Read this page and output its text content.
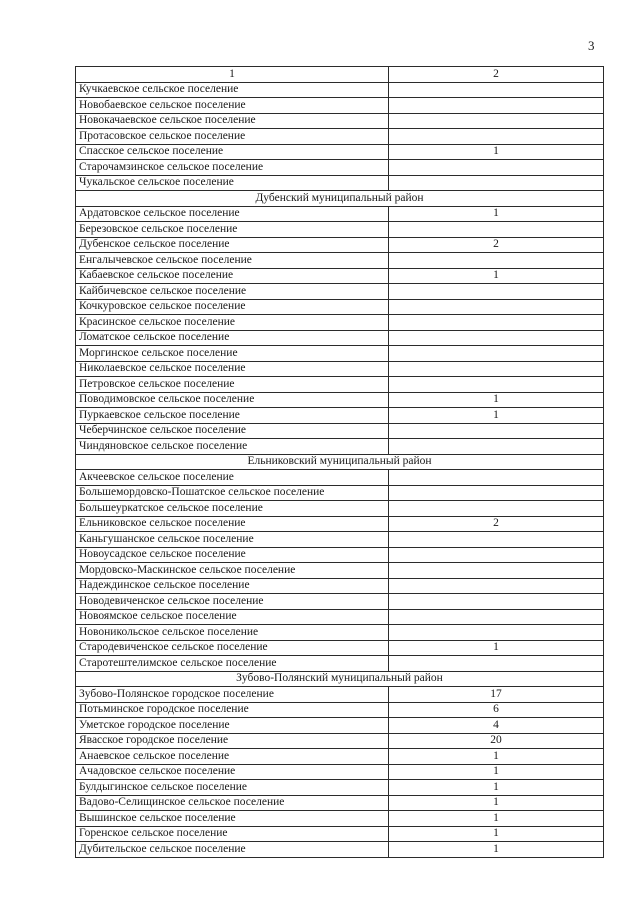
3
1	2
Кучкаевское сельское поселение	
Новобаевское сельское поселение	
Новокачаевское сельское поселение	
Протасовское сельское поселение	
Спасское сельское поселение	1
Старочамзинское сельское поселение	
Чукальское сельское поселение	
Дубенский муниципальный район	
Ардатовское сельское поселение	1
Березовское сельское поселение	
Дубенское сельское поселение	2
Енгалычевское сельское поселение	
Кабаевское сельское поселение	1
Кайбичевское сельское поселение	
Кочкуровское сельское поселение	
Красинское сельское поселение	
Ломатское сельское поселение	
Моргинское сельское поселение	
Николаевское сельское поселение	
Петровское сельское поселение	
Поводимовское сельское поселение	1
Пуркаевское сельское поселение	1
Чеберчинское сельское поселение	
Чиндяновское сельское поселение	
Ельниковский муниципальный район	
Акчеевское сельское поселение	
Большемордовско-Пошатское сельское поселение	
Большеуркатское сельское поселение	
Ельниковское сельское поселение	2
Каньгушанское сельское поселение	
Новоусадское сельское поселение	
Мордовско-Маскинское сельское поселение	
Надеждинское сельское поселение	
Новодевиченское сельское поселение	
Новоямское сельское поселение	
Новоникольское сельское поселение	
Стародевиченское сельское поселение	1
Старотештелимское сельское поселение	
Зубово-Полянский муниципальный район	
Зубово-Полянское городское поселение	17
Потьминское городское поселение	6
Уметское городское поселение	4
Явасское городское поселение	20
Анаевское сельское поселение	1
Ачадовское сельское поселение	1
Булдыгинское сельское поселение	1
Вадово-Селищинское сельское поселение	1
Вышинское сельское поселение	1
Горенское сельское поселение	1
Дубительское сельское поселение	1
